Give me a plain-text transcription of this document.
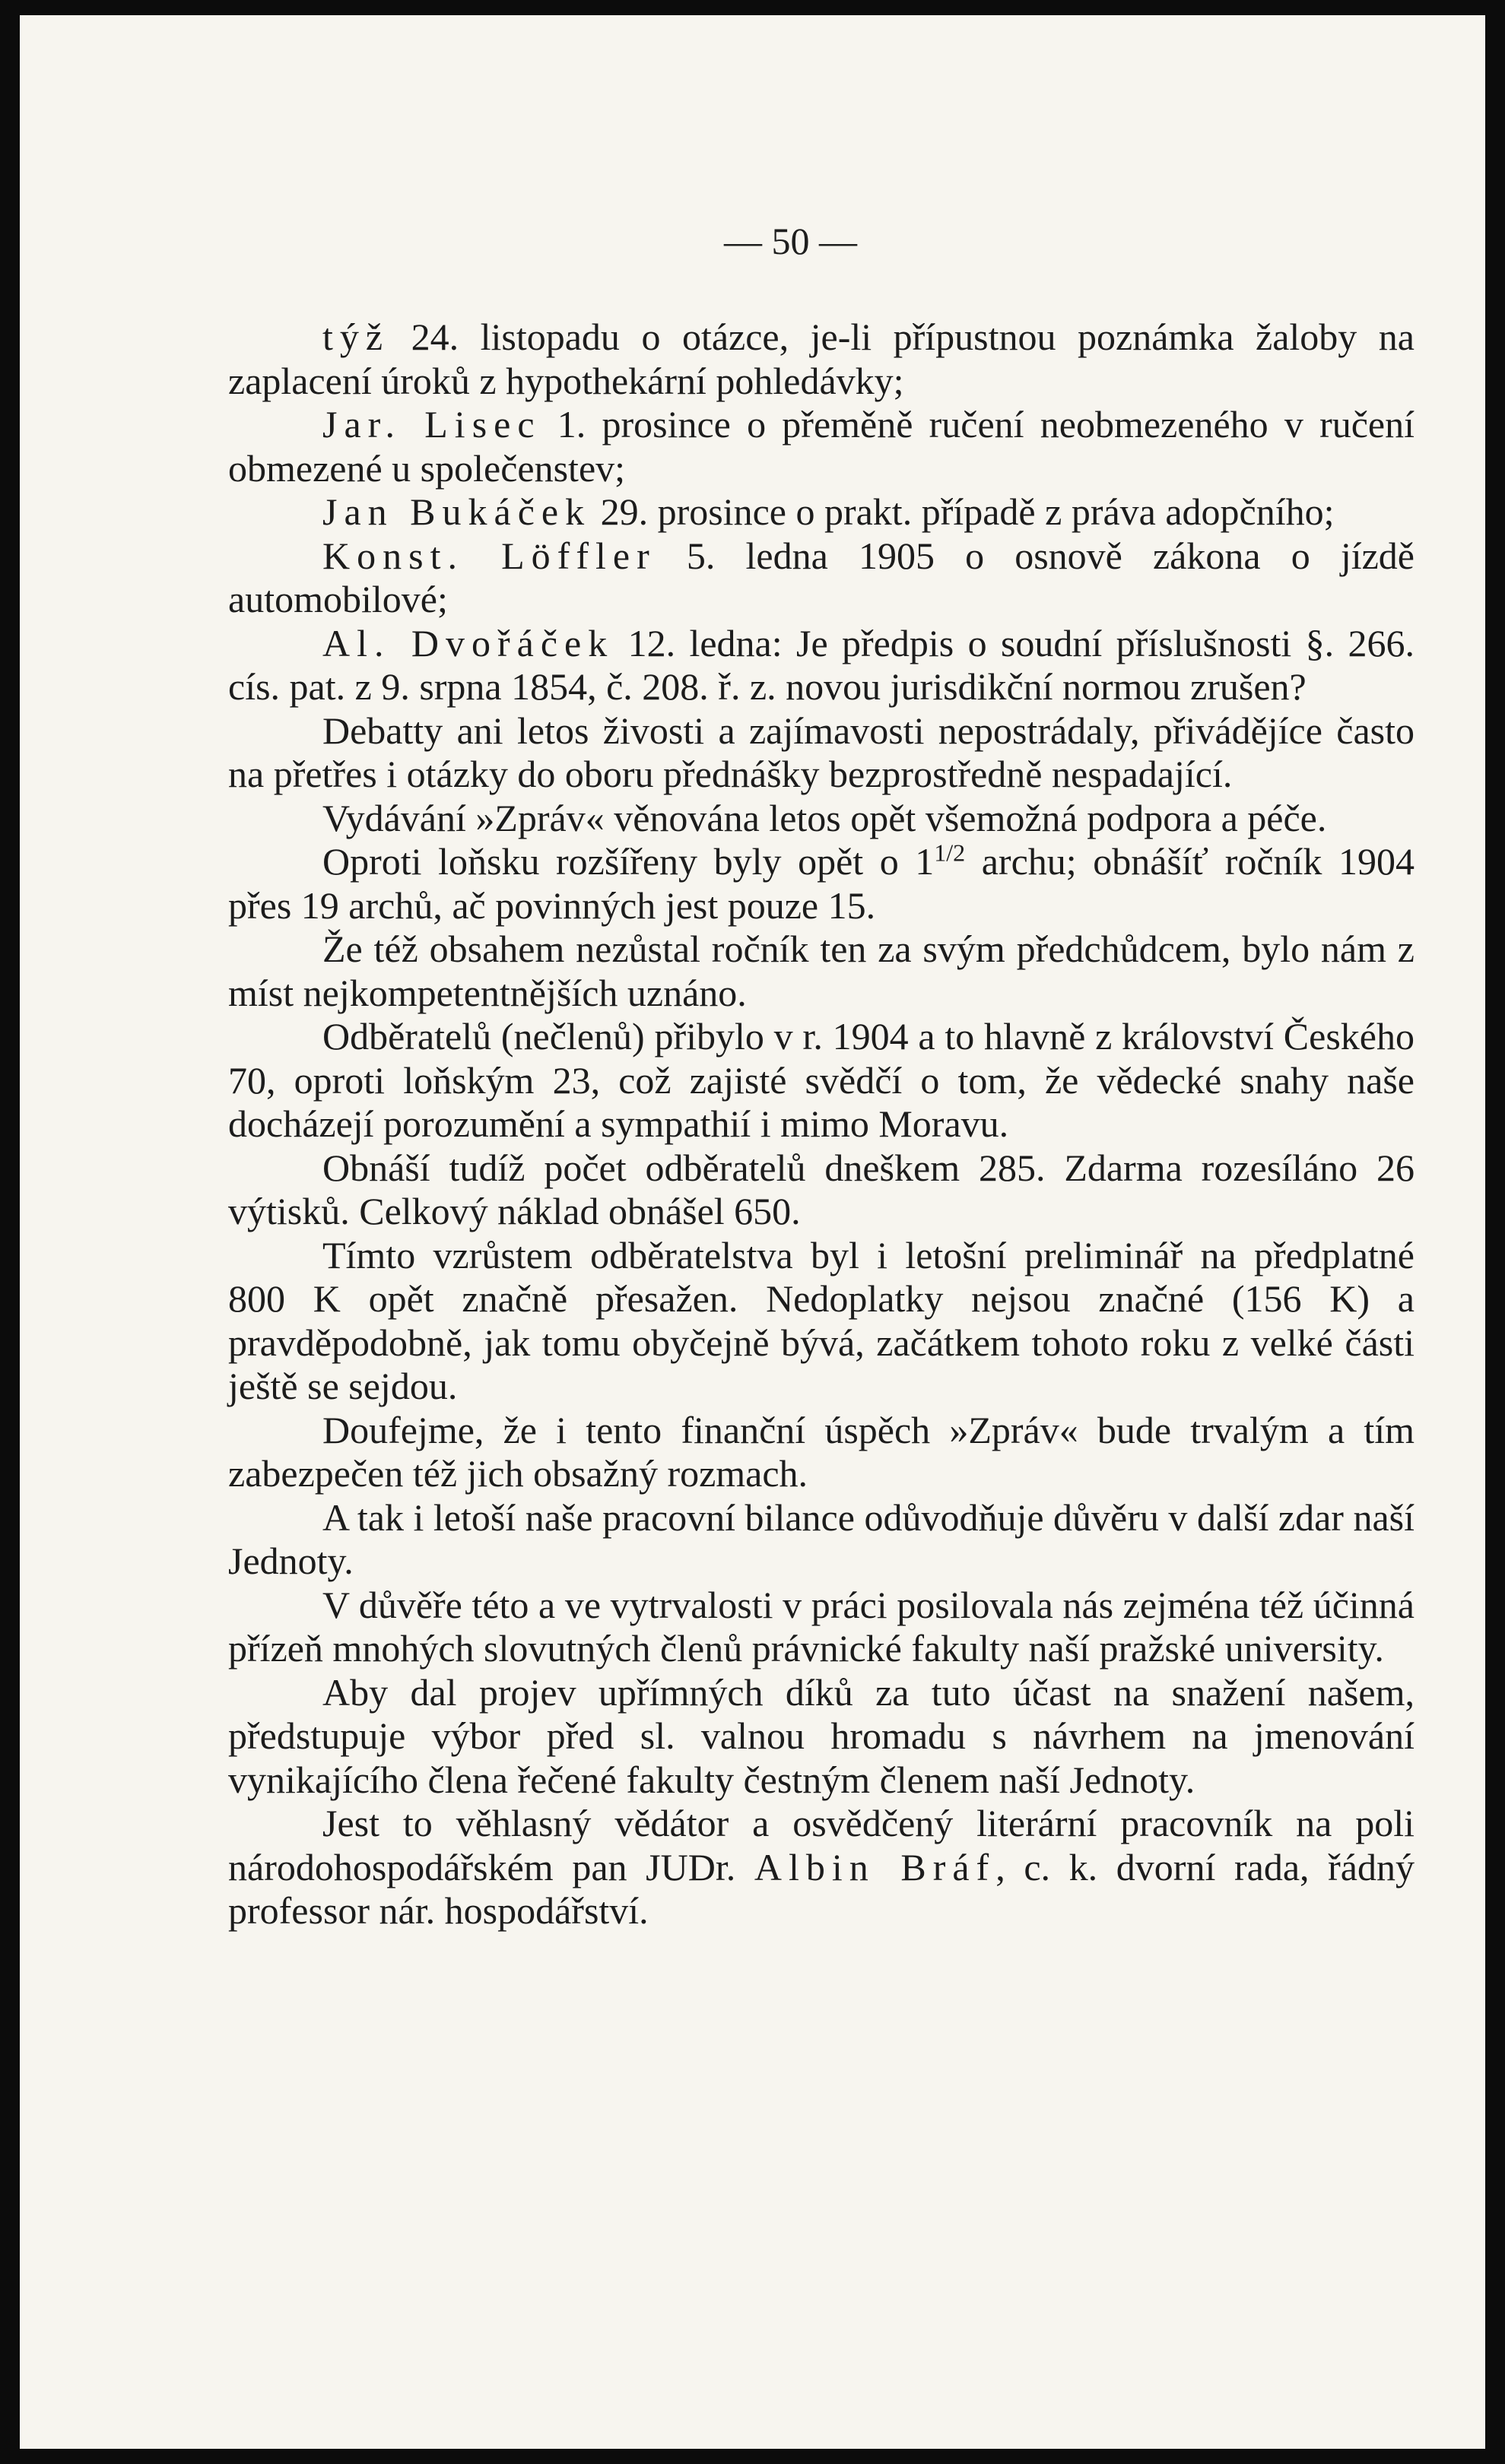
— 50 —

týž 24. listopadu o otázce, je-li přípustnou poznámka žaloby na zaplacení úroků z hypothekární pohledávky;

Jar. Lisec 1. prosince o přeměně ručení neobmezeného v ručení obmezené u společenstev;

Jan Bukáček 29. prosince o prakt. případě z práva adopčního;

Konst. Löffler 5. ledna 1905 o osnově zákona o jízdě automobilové;

Al. Dvořáček 12. ledna: Je předpis o soudní příslušnosti §. 266. cís. pat. z 9. srpna 1854, č. 208. ř. z. novou jurisdikční normou zrušen?

Debatty ani letos živosti a zajímavosti nepostrádaly, přivádějíce často na přetřes i otázky do oboru přednášky bezprostředně nespadající.

Vydávání »Zpráv« věnována letos opět všemožná podpora a péče.

Oproti loňsku rozšířeny byly opět o $1^{1/2}$ archu; obnášíť ročník 1904 přes 19 archů, ač povinných jest pouze 15.

Že též obsahem nezůstal ročník ten za svým předchůdcem, bylo nám z míst nejkompetentnějších uznáno.

Odběratelů (nečlenů) přibylo v r. 1904 a to hlavně z království Českého 70, oproti loňským 23, což zajisté svědčí o tom, že vědecké snahy naše docházejí porozumění a sympathií i mimo Moravu.

Obnáší tudíž počet odběratelů dneškem 285. Zdarma rozesíláno 26 výtisků. Celkový náklad obnášel 650.

Tímto vzrůstem odběratelstva byl i letošní preliminář na předplatné 800 K opět značně přesažen. Nedoplatky nejsou značné (156 K) a pravděpodobně, jak tomu obyčejně bývá, začátkem tohoto roku z velké části ještě se sejdou.

Doufejme, že i tento finanční úspěch »Zpráv« bude trvalým a tím zabezpečen též jich obsažný rozmach.

A tak i letoší naše pracovní bilance odůvodňuje důvěru v další zdar naší Jednoty.

V důvěře této a ve vytrvalosti v práci posilovala nás zejména též účinná přízeň mnohých slovutných členů právnické fakulty naší pražské university.

Aby dal projev upřímných díků za tuto účast na snažení našem, předstupuje výbor před sl. valnou hromadu s návrhem na jmenování vynikajícího člena řečené fakulty čestným členem naší Jednoty.

Jest to věhlasný vědátor a osvědčený literární pracovník na poli národohospodářském pan JUDr. Albin Bráf, c. k. dvorní rada, řádný professor nár. hospodářství.
